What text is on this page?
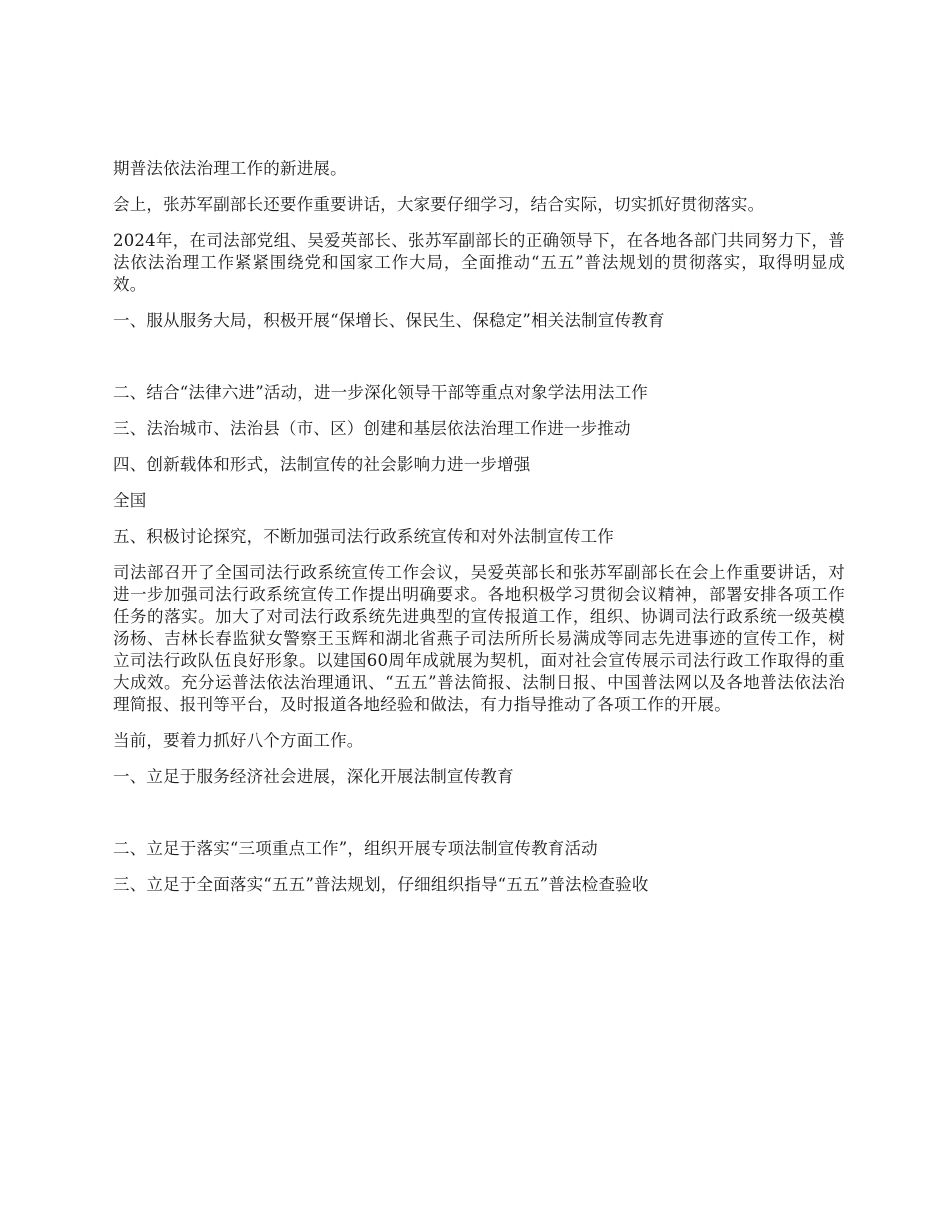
期普法依法治理工作的新进展。

会上，张苏军副部长还要作重要讲话，大家要仔细学习，结合实际，切实抓好贯彻落实。

2024年，在司法部党组、吴爱英部长、张苏军副部长的正确领导下，在各地各部门共同努力下，普法依法治理工作紧紧围绕党和国家工作大局，全面推动“五五”普法规划的贯彻落实，取得明显成效。

一、服从服务大局，积极开展“保增长、保民生、保稳定”相关法制宣传教育

二、结合“法律六进”活动，进一步深化领导干部等重点对象学法用法工作

三、法治城市、法治县（市、区）创建和基层依法治理工作进一步推动

四、创新载体和形式，法制宣传的社会影响力进一步增强

全国

五、积极讨论探究，不断加强司法行政系统宣传和对外法制宣传工作

司法部召开了全国司法行政系统宣传工作会议，吴爱英部长和张苏军副部长在会上作重要讲话，对进一步加强司法行政系统宣传工作提出明确要求。各地积极学习贯彻会议精神，部署安排各项工作任务的落实。加大了对司法行政系统先进典型的宣传报道工作，组织、协调司法行政系统一级英模汤杨、吉林长春监狱女警察王玉辉和湖北省燕子司法所所长易满成等同志先进事迹的宣传工作，树立司法行政队伍良好形象。以建国60周年成就展为契机，面对社会宣传展示司法行政工作取得的重大成效。充分运普法依法治理通讯、“五五”普法简报、法制日报、中国普法网以及各地普法依法治理简报、报刊等平台，及时报道各地经验和做法，有力指导推动了各项工作的开展。

当前，要着力抓好八个方面工作。

一、立足于服务经济社会进展，深化开展法制宣传教育

二、立足于落实“三项重点工作”，组织开展专项法制宣传教育活动

三、立足于全面落实“五五”普法规划，仔细组织指导“五五”普法检查验收
